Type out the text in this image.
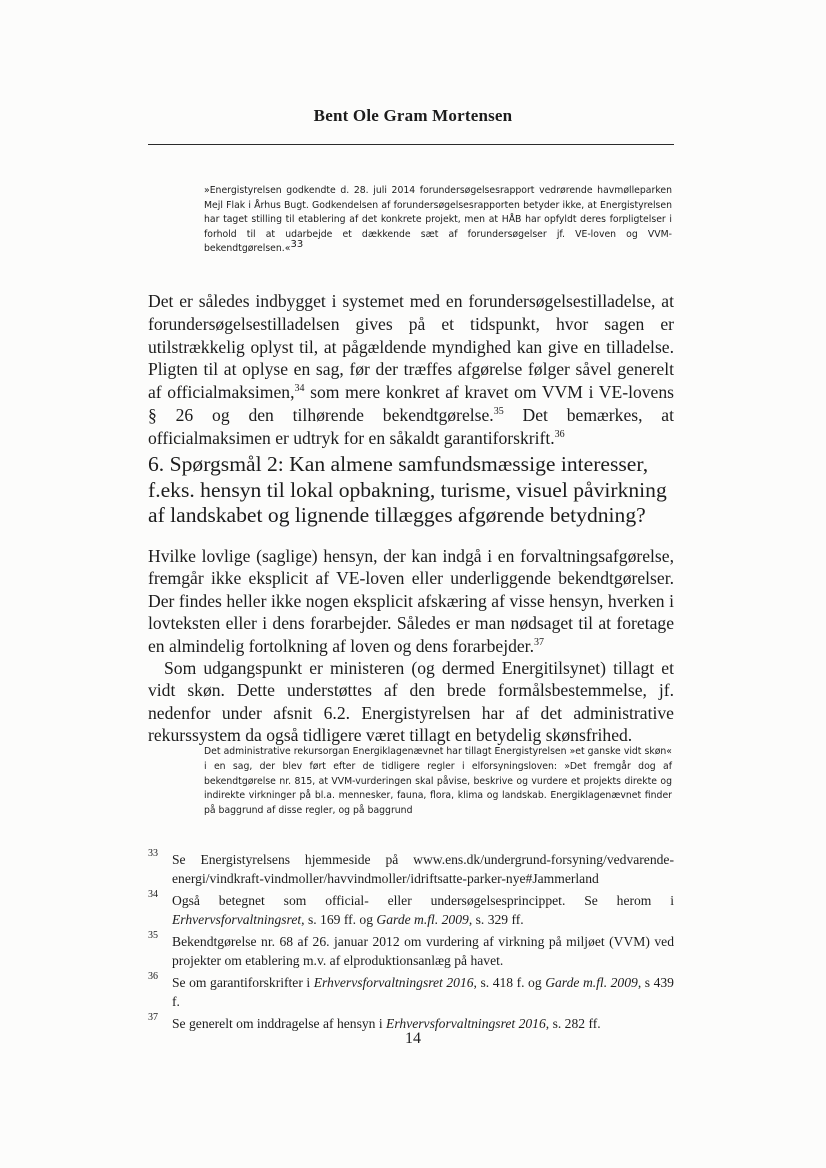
Bent Ole Gram Mortensen

»Energistyrelsen godkendte d. 28. juli 2014 forundersøgelsesrapport vedrørende havmølleparken Mejl Flak i Århus Bugt. Godkendelsen af forundersøgelsesrapporten betyder ikke, at Energistyrelsen har taget stilling til etablering af det konkrete projekt, men at HÅB har opfyldt deres forpligtelser i forhold til at udarbejde et dækkende sæt af forundersøgelser jf. VE-loven og VVM-bekendtgørelsen.«$^{33}$

Det er således indbygget i systemet med en forundersøgelsestilladelse, at forundersøgelsestilladelsen gives på et tidspunkt, hvor sagen er utilstrækkelig oplyst til, at pågældende myndighed kan give en tilladelse. Pligten til at oplyse en sag, før der træffes afgørelse følger såvel generelt af officialmaksimen,$^{34}$ som mere konkret af kravet om VVM i VE-lovens § 26 og den tilhørende bekendtgørelse.$^{35}$ Det bemærkes, at officialmaksimen er udtryk for en såkaldt garantiforskrift.$^{36}$

6. Spørgsmål 2: Kan almene samfundsmæssige interesser, f.eks. hensyn til lokal opbakning, turisme, visuel påvirkning af landskabet og lignende tillægges afgørende betydning?

Hvilke lovlige (saglige) hensyn, der kan indgå i en forvaltningsafgørelse, fremgår ikke eksplicit af VE-loven eller underliggende bekendtgørelser. Der findes heller ikke nogen eksplicit afskæring af visse hensyn, hverken i lovteksten eller i dens forarbejder. Således er man nødsaget til at foretage en almindelig fortolkning af loven og dens forarbejder.$^{37}$

Som udgangspunkt er ministeren (og dermed Energitilsynet) tillagt et vidt skøn. Dette understøttes af den brede formålsbestemmelse, jf. nedenfor under afsnit 6.2. Energistyrelsen har af det administrative rekurssystem da også tidligere været tillagt en betydelig skønsfrihed.

Det administrative rekursorgan Energiklagenævnet har tillagt Energistyrelsen »et ganske vidt skøn« i en sag, der blev ført efter de tidligere regler i elforsyningsloven: »Det fremgår dog af bekendtgørelse nr. 815, at VVM-vurderingen skal påvise, beskrive og vurdere et projekts direkte og indirekte virkninger på bl.a. mennesker, fauna, flora, klima og landskab. Energiklagenævnet finder på baggrund af disse regler, og på baggrund

33 Se Energistyrelsens hjemmeside på www.ens.dk/undergrund-forsyning/vedvarende-energi/vindkraft-vindmoller/havvindmoller/idriftsatte-parker-nye#Jammerland
34 Også betegnet som official- eller undersøgelsesprincippet. Se herom i Erhvervsforvaltningsret, s. 169 ff. og Garde m.fl. 2009, s. 329 ff.
35 Bekendtgørelse nr. 68 af 26. januar 2012 om vurdering af virkning på miljøet (VVM) ved projekter om etablering m.v. af elproduktionsanlæg på havet.
36 Se om garantiforskrifter i Erhvervsforvaltningsret 2016, s. 418 f. og Garde m.fl. 2009, s 439 f.
37 Se generelt om inddragelse af hensyn i Erhvervsforvaltningsret 2016, s. 282 ff.
14
